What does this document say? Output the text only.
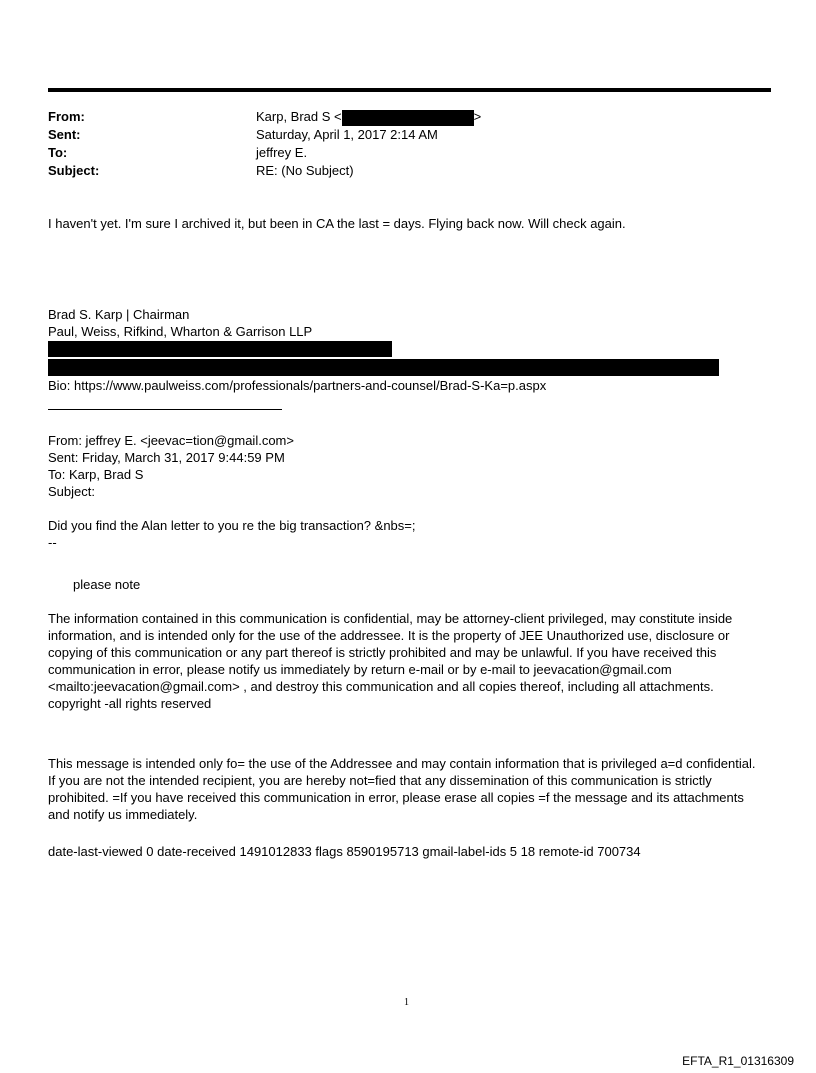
From:	Karp, Brad S <	>
Sent:	Saturday, April 1, 2017 2:14 AM
To:	jeffrey E.
Subject:	RE: (No Subject)
I haven't yet. I'm sure I archived it, but been in CA the last = days. Flying back now. Will check again.
Brad S. Karp | Chairman
Paul, Weiss, Rifkind, Wharton & Garrison LLP
Bio: https://www.paulweiss.com/professionals/partners-and-counsel/Brad-S-Ka=p.aspx
From: jeffrey E. <jeevac=tion@gmail.com>
Sent: Friday, March 31, 2017 9:44:59 PM
To: Karp, Brad S
Subject:
Did you find the Alan letter to you re the big transaction? &nbs=;
--
please note

The information contained in this communication is confidential, may be attorney-client privileged, may constitute inside information, and is intended only for the use of the addressee. It is the property of JEE Unauthorized use, disclosure or copying of this communication or any part thereof is strictly prohibited and may be unlawful. If you have received this communication in error, please notify us immediately by return e-mail or by e-mail to jeevacation@gmail.com <mailto:jeevacation@gmail.com> , and destroy this communication and all copies thereof, including all attachments. copyright -all rights reserved

This message is intended only fo= the use of the Addressee and may contain information that is privileged a=d confidential. If you are not the intended recipient, you are hereby not=fied that any dissemination of this communication is strictly prohibited. =If you have received this communication in error, please erase all copies =f the message and its attachments and notify us immediately.

date-last-viewed 0 date-received 1491012833 flags 8590195713 gmail-label-ids 5 18 remote-id 700734
1
EFTA_R1_01316309
